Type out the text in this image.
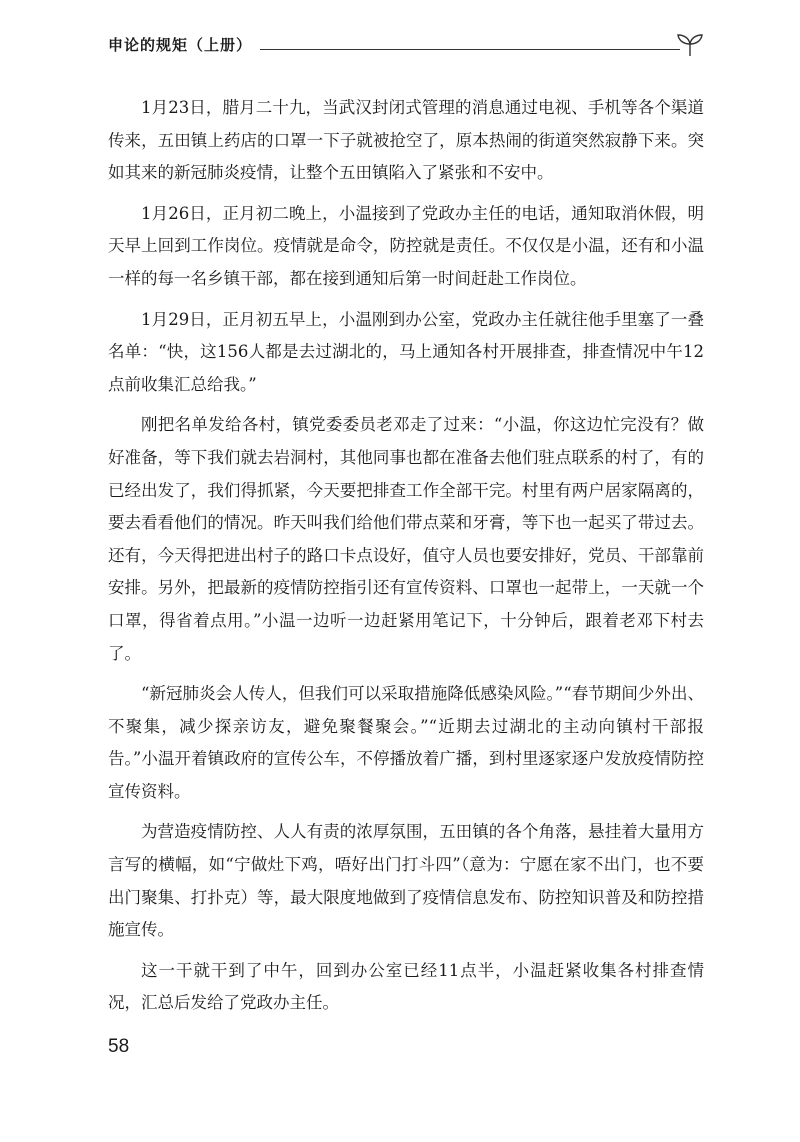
申论的规矩（上册）

1月23日，腊月二十九，当武汉封闭式管理的消息通过电视、手机等各个渠道传来，五田镇上药店的口罩一下子就被抢空了，原本热闹的街道突然寂静下来。突如其来的新冠肺炎疫情，让整个五田镇陷入了紧张和不安中。

1月26日，正月初二晚上，小温接到了党政办主任的电话，通知取消休假，明天早上回到工作岗位。疫情就是命令，防控就是责任。不仅仅是小温，还有和小温一样的每一名乡镇干部，都在接到通知后第一时间赶赴工作岗位。

1月29日，正月初五早上，小温刚到办公室，党政办主任就往他手里塞了一叠名单：“快，这156人都是去过湖北的，马上通知各村开展排查，排查情况中午12点前收集汇总给我。”

刚把名单发给各村，镇党委委员老邓走了过来：“小温，你这边忙完没有？做好准备，等下我们就去岩洞村，其他同事也都在准备去他们驻点联系的村了，有的已经出发了，我们得抓紧，今天要把排查工作全部干完。村里有两户居家隔离的，要去看看他们的情况。昨天叫我们给他们带点菜和牙膏，等下也一起买了带过去。还有，今天得把进出村子的路口卡点设好，值守人员也要安排好，党员、干部靠前安排。另外，把最新的疫情防控指引还有宣传资料、口罩也一起带上，一天就一个口罩，得省着点用。”小温一边听一边赶紧用笔记下，十分钟后，跟着老邓下村去了。

“新冠肺炎会人传人，但我们可以采取措施降低感染风险。”“春节期间少外出、不聚集，减少探亲访友，避免聚餐聚会。”“近期去过湖北的主动向镇村干部报告。”小温开着镇政府的宣传公车，不停播放着广播，到村里逐家逐户发放疫情防控宣传资料。

为营造疫情防控、人人有责的浓厚氛围，五田镇的各个角落，悬挂着大量用方言写的横幅，如“宁做灶下鸡，唔好出门打斗四”（意为：宁愿在家不出门，也不要出门聚集、打扑克）等，最大限度地做到了疫情信息发布、防控知识普及和防控措施宣传。

这一干就干到了中午，回到办公室已经11点半，小温赶紧收集各村排查情况，汇总后发给了党政办主任。

58
